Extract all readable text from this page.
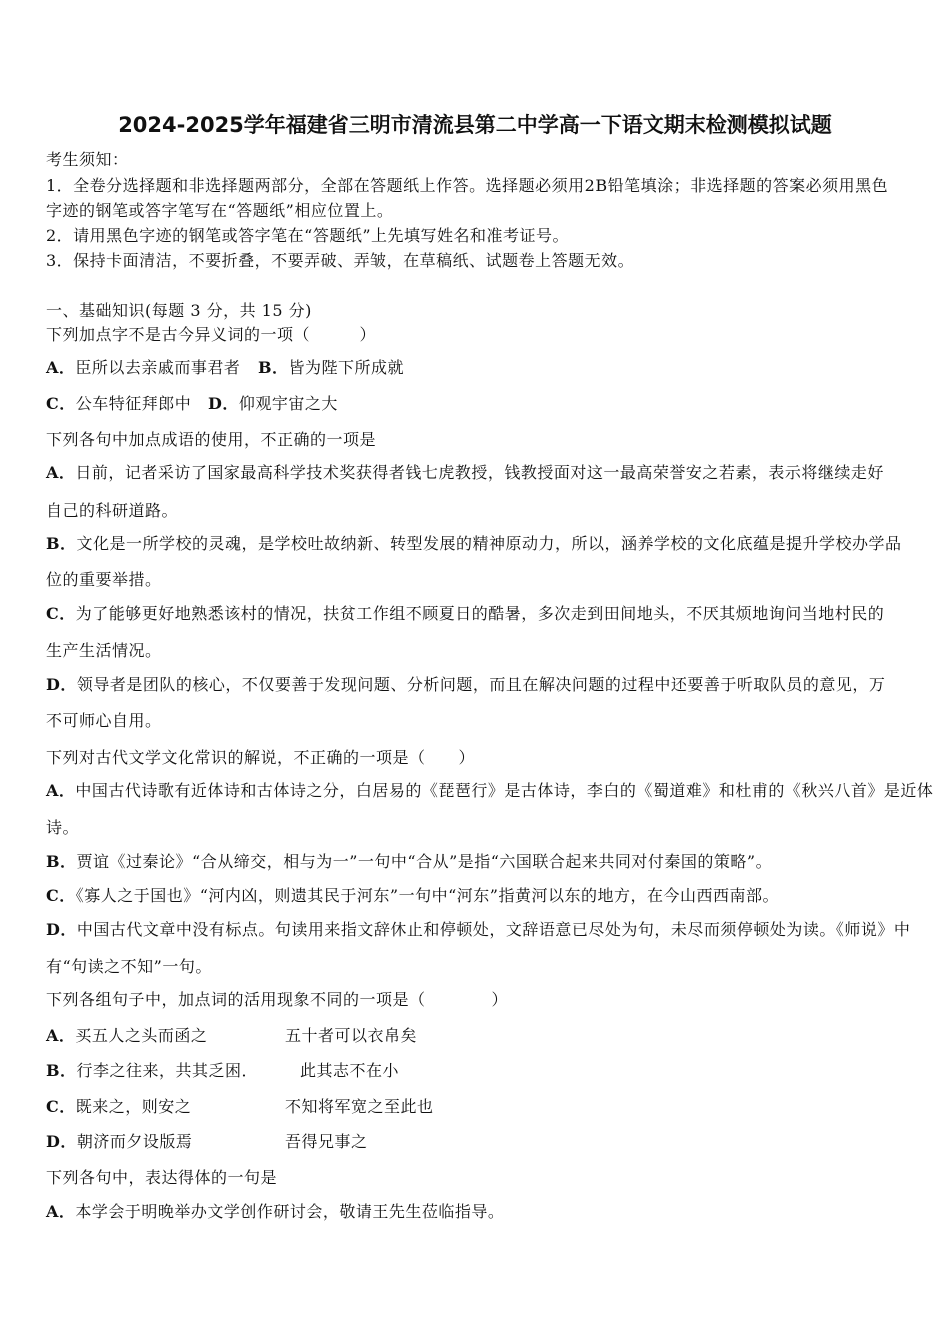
2024-2025学年福建省三明市清流县第二中学高一下语文期末检测模拟试题
考生须知：
1．全卷分选择题和非选择题两部分，全部在答题纸上作答。选择题必须用2B铅笔填涂；非选择题的答案必须用黑色
字迹的钢笔或答字笔写在“答题纸”相应位置上。
2．请用黑色字迹的钢笔或答字笔在“答题纸”上先填写姓名和准考证号。
3．保持卡面清洁，不要折叠，不要弄破、弄皱，在草稿纸、试题卷上答题无效。
一、基础知识(每题 3 分，共 15 分)
下列加点字不是古今异义词的一项（　　　）
A．臣所以去亲戚而事君者 B．皆为陛下所成就
C．公车特征拜郎中 D．仰观宇宙之大
下列各句中加点成语的使用，不正确的一项是
A．日前，记者采访了国家最高科学技术奖获得者钱七虎教授，钱教授面对这一最高荣誉安之若素，表示将继续走好
自己的科研道路。
B．文化是一所学校的灵魂，是学校吐故纳新、转型发展的精神原动力，所以，涵养学校的文化底蕴是提升学校办学品
位的重要举措。
C．为了能够更好地熟悉该村的情况，扶贫工作组不顾夏日的酷暑，多次走到田间地头，不厌其烦地询问当地村民的
生产生活情况。
D．领导者是团队的核心，不仅要善于发现问题、分析问题，而且在解决问题的过程中还要善于听取队员的意见，万
不可师心自用。
下列对古代文学文化常识的解说，不正确的一项是（　　）
A．中国古代诗歌有近体诗和古体诗之分，白居易的《琵琶行》是古体诗，李白的《蜀道难》和杜甫的《秋兴八首》是近体
诗。
B．贾谊《过秦论》“合从缔交，相与为一”一句中“合从”是指“六国联合起来共同对付秦国的策略”。
C．《寡人之于国也》“河内凶，则遗其民于河东”一句中“河东”指黄河以东的地方，在今山西西南部。
D．中国古代文章中没有标点。句读用来指文辞休止和停顿处，文辞语意已尽处为句，未尽而须停顿处为读。《师说》中
有“句读之不知”一句。
下列各组句子中，加点词的活用现象不同的一项是（　　　　）
A．买五人之头而函之	五十者可以衣帛矣
B．行李之往来，共其乏困．	此其志不在小
C．既来之，则安之	不知将军宽之至此也
D．朝济而夕设版焉	吾得兄事之
下列各句中，表达得体的一句是
A．本学会于明晚举办文学创作研讨会，敬请王先生莅临指导。
